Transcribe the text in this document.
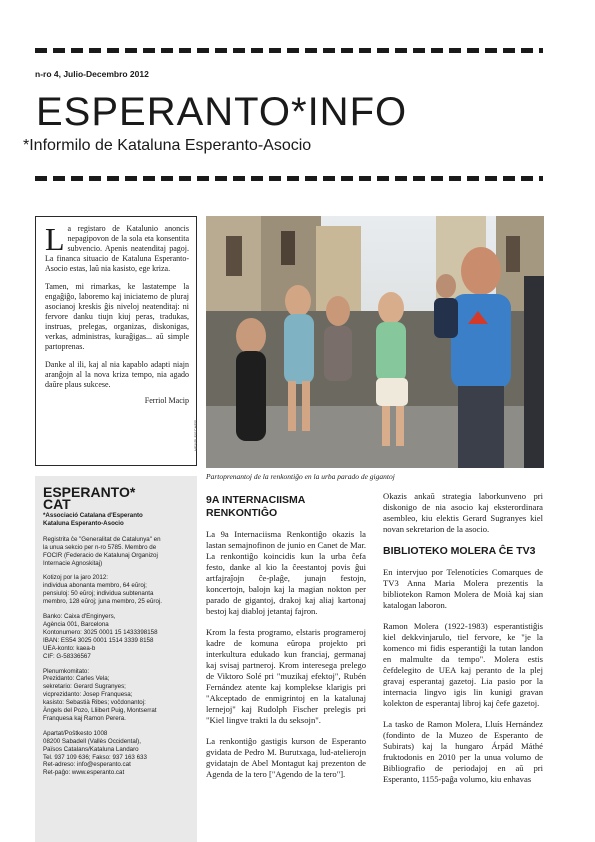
n-ro 4, Julio-Decembro 2012
ESPERANTO*INFO
*Informilo de Kataluna Esperanto-Asocio

La registaro de Katalunio anoncis nepagipovon de la sola eta konsentita subvencio. Apenis neatenditaj pagoj. La financa situacio de Kataluna Esperanto-Asocio estas, laŭ nia kasisto, ege kriza.

Tamen, mi rimarkas, ke lastatempe la engaĝiĝo, laboremo kaj iniciatemo de pluraj asocianoj kreskis ĝis niveloj neatenditaj: ni fervore danku tiujn kiuj peras, tradukas, instruas, prelegas, organizas, diskonigas, verkas, administras, kuraĝigas... aŭ simple partoprenas.

Danke al ili, kaj al nia kapablo adapti niajn aranĝojn al la nova kriza tempo, nia agado daŭre plaus sukcese.

Ferriol Macip

ESPERANTO*
CAT
*Associació Catalana d'Esperanto
Kataluna Esperanto-Asocio
Registrita ĉe "Generalitat de Catalunya" en
la unua sekcio per n-ro 5785. Membro de
FOCIR (Federacio de Katalunaj Organizoj
Internacie Agnoskitaj)
Kotizoj por la jaro 2012:
individua abonanta membro, 64 eŭroj;
pensiuloj: 50 eŭroj; individua subtenanta
membro, 128 eŭroj; juna membro, 25 eŭroj.
Banko: Caixa d'Enginyers,
Agència 001, Barcelona
Kontonumero: 3025 0001 15 1433398158
IBAN: ES54 3025 0001 1514 3339 8158
UEA-konto: kaea-b
CIF: G-58336567
Plenumkomitato:
Prezidanto: Carles Vela;
sekretario: Gerard Sugranyes;
vicprezidanto: Josep Franquesa;
kasisto: Sebastià Ribes; voĉdonantoj:
Àngels del Pozo, Lliibert Puig, Montserrat
Franquesa kaj Ramon Perera.
Apartat/Poŝtkesto 1008
08200 Sabadell (Vallès Occidental),
Països Catalans/Kataluna Landaro
Tel. 937 109 636; Fakso: 937 163 633
Ret-adreso: info@esperanto.cat
Ret-paĝo: www.esperanto.cat
HENRI FISCHER
Partoprenantoj de la renkontiĝo en la urba parado de gigantoj
9A INTERNACIISMA
RENKONTIĜO

La 9a Internaciisma Renkontiĝo okazis la lastan semajnofinon de junio en Canet de Mar. La renkontiĝo koincidis kun la urba ĉefa festo, danke al kio la ĉeestantoj povis ĝui artfajraĵojn ĉe-plaĝe, junajn festojn, koncertojn, balojn kaj la magian nokton per parado de gigantoj, drakoj kaj aliaj kartonaj bestoj kaj diabloj jetantaj fajron.

Krom la festa programo, elstaris programeroj kadre de komuna eŭropa projekto pri interkultura edukado kun franciaj, germanaj kaj svisaj partneroj. Krom interesega prelego de Viktoro Solé pri "muzikaj efektoj", Rubén Fernández atente kaj komplekse klarigis pri "Akceptado de enmigrintoj en la katalunaj lernejoj" kaj Rudolph Fischer prelegis pri "Kiel lingve trakti la du seksojn".

La renkontiĝo gastigis kurson de Esperanto gvidata de Pedro M. Burutxaga, lud-atelierojn gvidatajn de Abel Montagut kaj prezenton de Agenda de la tero ["Agendo de la tero"].

Okazis ankaŭ strategia laborkunveno pri diskonigo de nia asocio kaj eksterordinara asembleo, kiu elektis Gerard Sugranyes kiel novan sekretarion de la asocio.

BIBLIOTEKO MOLERA ĈE TV3

En intervjuo por Telenotícies Comarques de TV3 Anna Maria Molera prezentis la bibliotekon Ramon Molera de Moià kaj sian katalogan laboron.

Ramon Molera (1922-1983) esperantistiĝis kiel dekkvinjarulo, tiel fervore, ke "je la komenco mi fidis esperantiĝi la tutan landon en malmulte da tempo". Molera estis ĉefdelegito de UEA kaj peranto de la plej gravaj esperantaj gazetoj. Lia pasio por la internacia lingvo igis lin kunigi gravan kolekton de esperantaj libroj kaj ĉefe gazetoj.

La tasko de Ramon Molera, Lluís Hernández (fondinto de la Muzeo de Esperanto de Subirats) kaj la hungaro Árpád Máthé fruktodonis en 2010 per la unua volumo de Bibliografio de periodajoj en aŭ pri Esperanto, 1155-paĝa volumo, kiu enhavas
